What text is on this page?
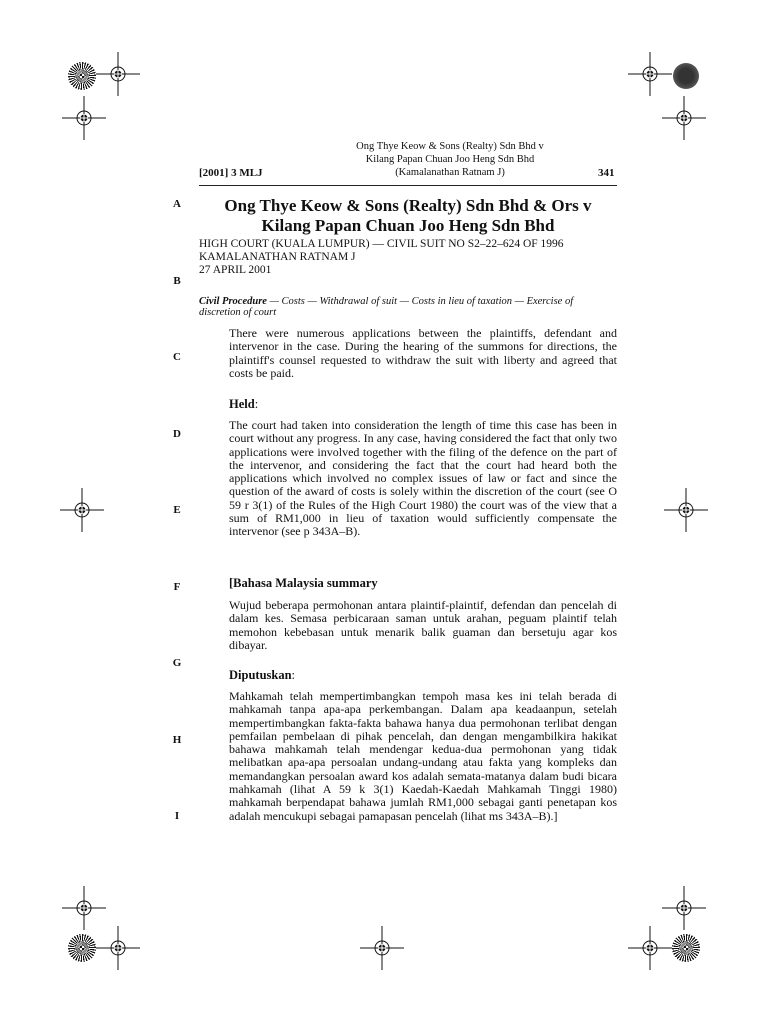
Ong Thye Keow & Sons (Realty) Sdn Bhd v
Kilang Papan Chuan Joo Heng Sdn Bhd
(Kamalanathan Ratnam J)
[2001] 3 MLJ	341
A
B
C
D
E
F
G
H
I
Ong Thye Keow & Sons (Realty) Sdn Bhd & Ors v
Kilang Papan Chuan Joo Heng Sdn Bhd
HIGH COURT (KUALA LUMPUR) — CIVIL SUIT NO S2–22–624 OF 1996
KAMALANATHAN RATNAM J
27 APRIL 2001
Civil Procedure — Costs — Withdrawal of suit — Costs in lieu of taxation — Exercise of discretion of court
There were numerous applications between the plaintiffs, defendant and intervenor in the case. During the hearing of the summons for directions, the plaintiff's counsel requested to withdraw the suit with liberty and agreed that costs be paid.
Held:
The court had taken into consideration the length of time this case has been in court without any progress. In any case, having considered the fact that only two applications were involved together with the filing of the defence on the part of the intervenor, and considering the fact that the court had heard both the applications which involved no complex issues of law or fact and since the question of the award of costs is solely within the discretion of the court (see O 59 r 3(1) of the Rules of the High Court 1980) the court was of the view that a sum of RM1,000 in lieu of taxation would sufficiently compensate the intervenor (see p 343A–B).
[Bahasa Malaysia summary
Wujud beberapa permohonan antara plaintif-plaintif, defendan dan pencelah di dalam kes. Semasa perbicaraan saman untuk arahan, peguam plaintif telah memohon kebebasan untuk menarik balik guaman dan bersetuju agar kos dibayar.
Diputuskan:
Mahkamah telah mempertimbangkan tempoh masa kes ini telah berada di mahkamah tanpa apa-apa perkembangan. Dalam apa keadaanpun, setelah mempertimbangkan fakta-fakta bahawa hanya dua permohonan terlibat dengan pemfailan pembelaan di pihak pencelah, dan dengan mengambilkira hakikat bahawa mahkamah telah mendengar kedua-dua permohonan yang tidak melibatkan apa-apa persoalan undang-undang atau fakta yang kompleks dan memandangkan persoalan award kos adalah semata-matanya dalam budi bicara mahkamah (lihat A 59 k 3(1) Kaedah-Kaedah Mahkamah Tinggi 1980) mahkamah berpendapat bahawa jumlah RM1,000 sebagai ganti penetapan kos adalah mencukupi sebagai pamapasan pencelah (lihat ms 343A–B).]
